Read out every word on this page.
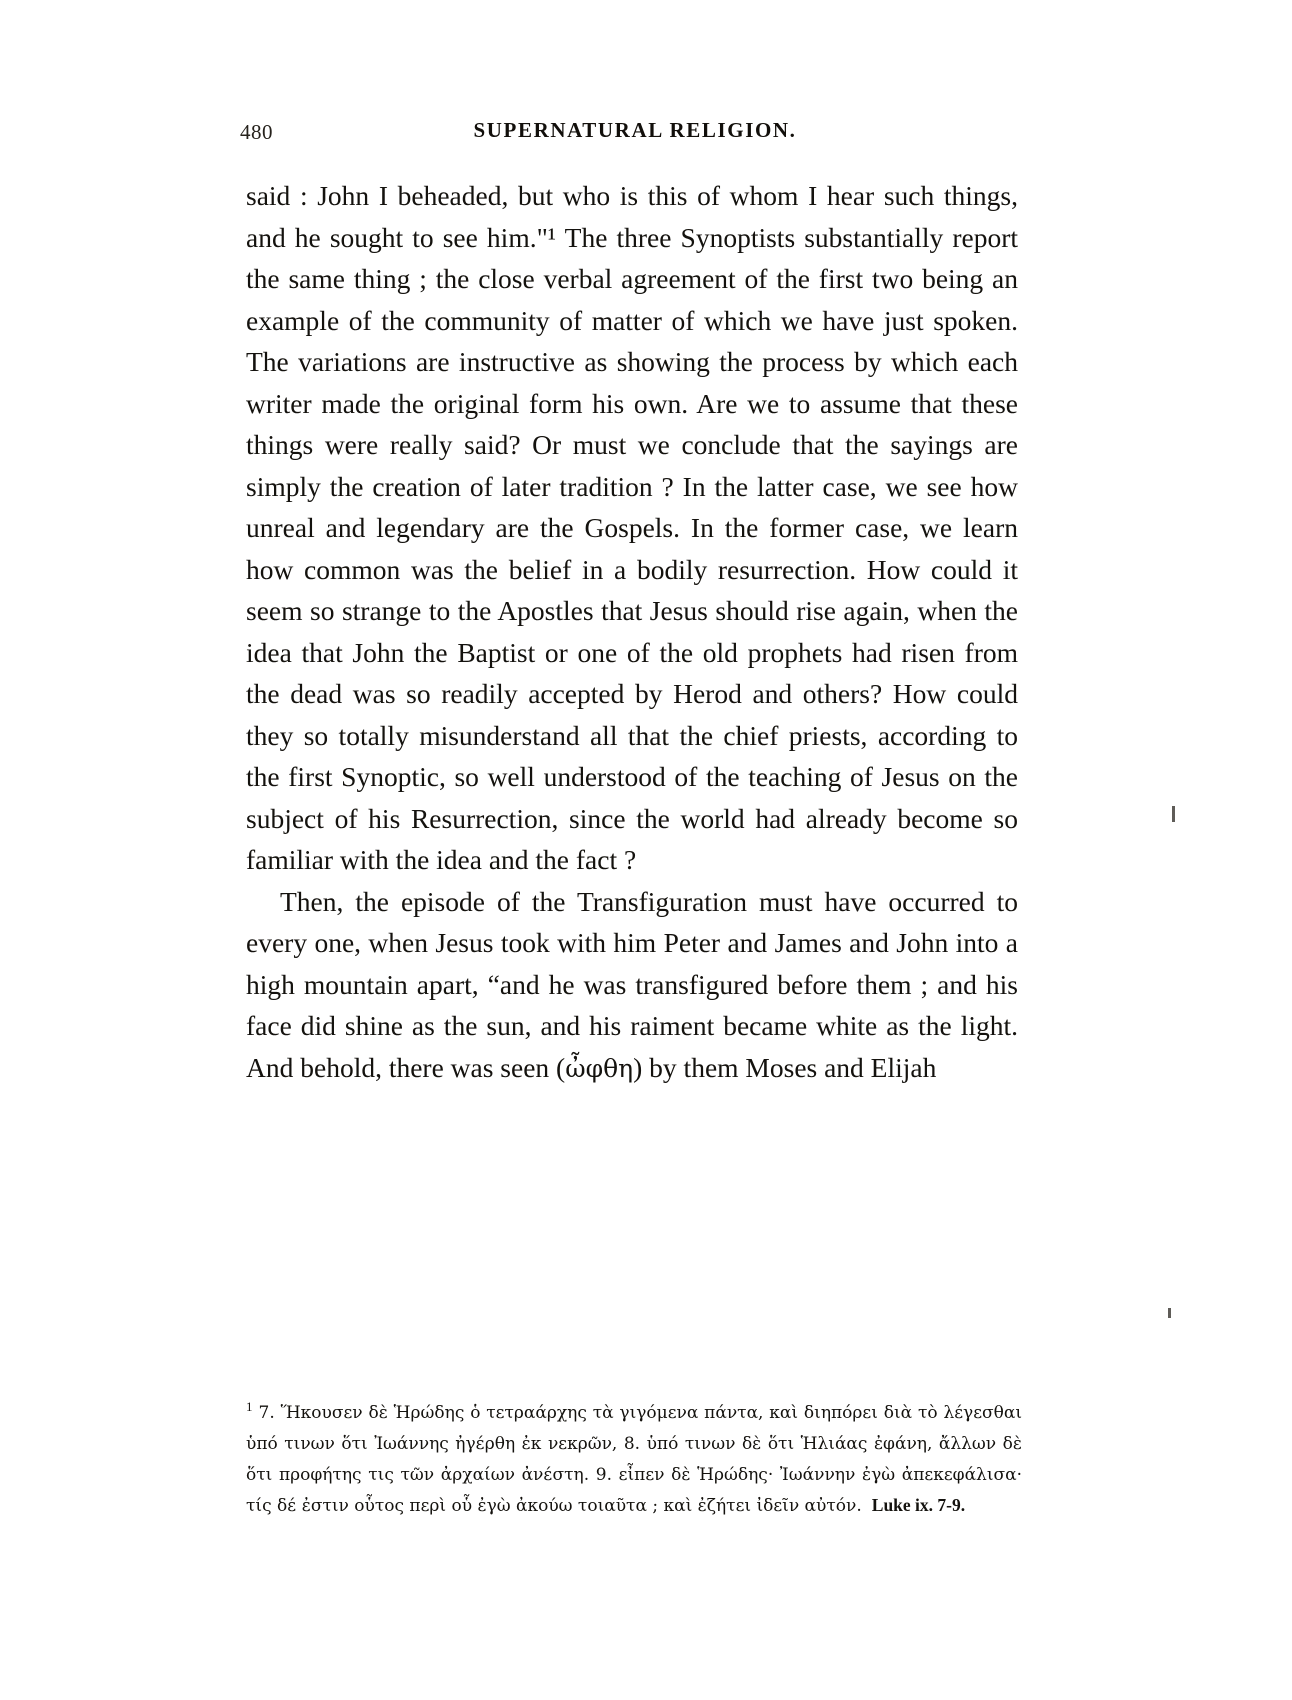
480	SUPERNATURAL RELIGION.

said : John I beheaded, but who is this of whom I hear such things, and he sought to see him."¹ The three Synoptists substantially report the same thing ; the close verbal agreement of the first two being an example of the community of matter of which we have just spoken. The variations are instructive as showing the process by which each writer made the original form his own. Are we to assume that these things were really said? Or must we conclude that the sayings are simply the creation of later tradition ? In the latter case, we see how unreal and legendary are the Gospels. In the former case, we learn how common was the belief in a bodily resurrection. How could it seem so strange to the Apostles that Jesus should rise again, when the idea that John the Baptist or one of the old prophets had risen from the dead was so readily accepted by Herod and others? How could they so totally misunderstand all that the chief priests, according to the first Synoptic, so well understood of the teaching of Jesus on the subject of his Resurrection, since the world had already become so familiar with the idea and the fact ?

Then, the episode of the Transfiguration must have occurred to every one, when Jesus took with him Peter and James and John into a high mountain apart, “and he was transfigured before them ; and his face did shine as the sun, and his raiment became white as the light. And behold, there was seen (ὦφθη) by them Moses and Elijah

$^1$ 7. Ἥκουσεν δὲ Ἡρώδης ὁ τετραάρχης τὰ γιγόμενα πάντα, καὶ διηπόρει διὰ τὸ λέγεσθαι ὑπό τινων ὅτι Ἰωάννης ἠγέρθη ἐκ νεκρῶν, 8. ὑπό τινων δὲ ὅτι Ἡλιάας ἐφάνη, ἄλλων δὲ ὅτι προφήτης τις τῶν ἀρχαίων ἀνέστη. 9. εἶπεν δὲ Ἡρώδης· Ἰωάννην ἐγὼ ἀπεκεφάλισα· τίς δέ ἐστιν οὗτος περὶ οὗ ἐγὼ ἀκούω τοιαῦτα ; καὶ ἐζήτει ἰδεῖν αὐτόν. Luke ix. 7-9.
